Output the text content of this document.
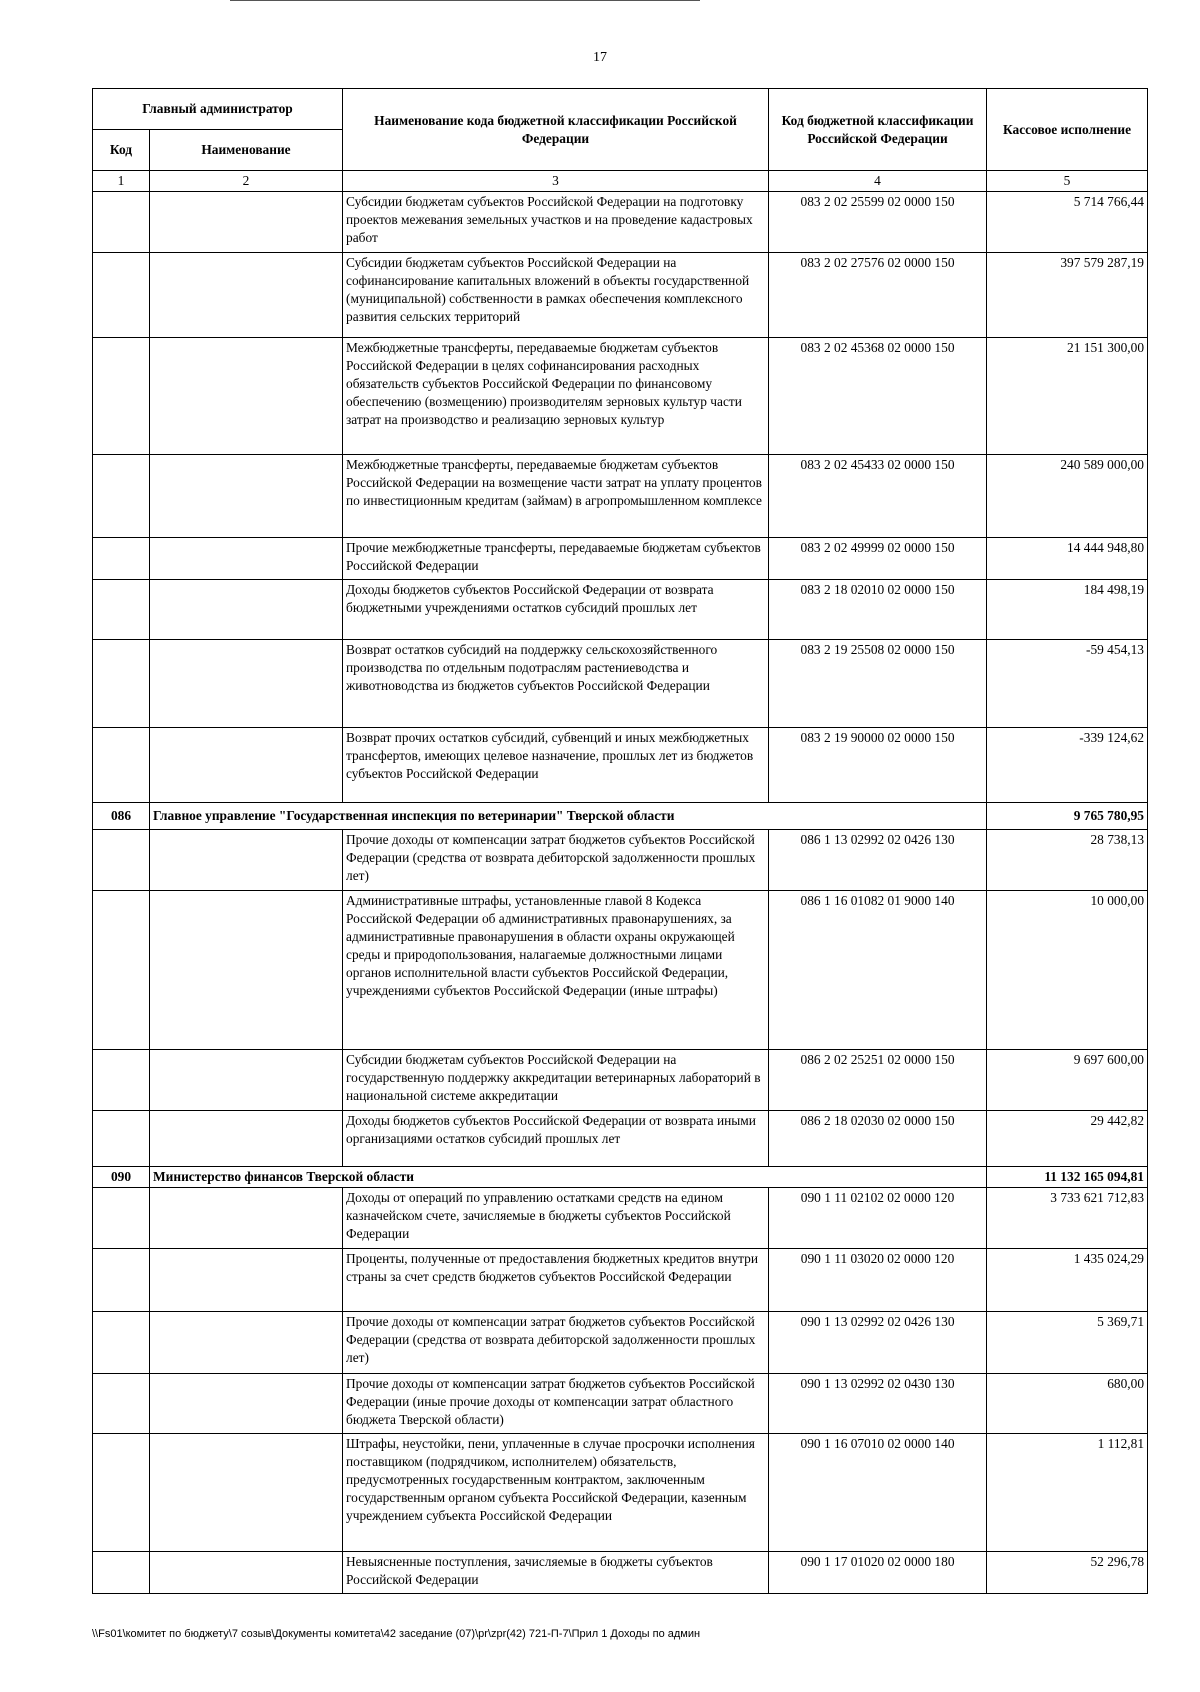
17
Главный администратор		Наименование кода бюджетной классификации Российской Федерации	Код бюджетной классификации Российской Федерации	Кассовое исполнение
Код	Наименование			
1	2	3	4	5
		Субсидии бюджетам субъектов Российской Федерации на подготовку проектов межевания земельных участков и на проведение кадастровых работ	083 2 02 25599 02 0000 150	5 714 766,44
		Субсидии бюджетам субъектов Российской Федерации на софинансирование капитальных вложений в объекты государственной (муниципальной) собственности в рамках обеспечения комплексного развития сельских территорий	083 2 02 27576 02 0000 150	397 579 287,19
		Межбюджетные трансферты, передаваемые бюджетам субъектов Российской Федерации в целях софинансирования расходных обязательств субъектов Российской Федерации по финансовому обеспечению (возмещению) производителям зерновых культур части затрат на производство и реализацию зерновых культур	083 2 02 45368 02 0000 150	21 151 300,00
		Межбюджетные трансферты, передаваемые бюджетам субъектов Российской Федерации на возмещение части затрат на уплату процентов по инвестиционным кредитам (займам) в агропромышленном комплексе	083 2 02 45433 02 0000 150	240 589 000,00
		Прочие межбюджетные трансферты, передаваемые бюджетам субъектов Российской Федерации	083 2 02 49999 02 0000 150	14 444 948,80
		Доходы бюджетов субъектов Российской Федерации от возврата бюджетными учреждениями остатков субсидий прошлых лет	083 2 18 02010 02 0000 150	184 498,19
		Возврат остатков субсидий на поддержку сельскохозяйственного производства по отдельным подотраслям растениеводства и животноводства из бюджетов субъектов Российской Федерации	083 2 19 25508 02 0000 150	-59 454,13
		Возврат прочих остатков субсидий, субвенций и иных межбюджетных трансфертов, имеющих целевое назначение, прошлых лет из бюджетов субъектов Российской Федерации	083 2 19 90000 02 0000 150	-339 124,62
086	Главное управление "Государственная инспекция по ветеринарии" Тверской области			9 765 780,95
		Прочие доходы от компенсации затрат бюджетов субъектов Российской Федерации (средства от возврата дебиторской задолженности прошлых лет)	086 1 13 02992 02 0426 130	28 738,13
		Административные штрафы, установленные главой 8 Кодекса Российской Федерации об административных правонарушениях, за административные правонарушения в области охраны окружающей среды и природопользования, налагаемые должностными лицами органов исполнительной власти субъектов Российской Федерации, учреждениями субъектов Российской Федерации (иные штрафы)	086 1 16 01082 01 9000 140	10 000,00
		Субсидии бюджетам субъектов Российской Федерации на государственную поддержку аккредитации ветеринарных лабораторий в национальной системе аккредитации	086 2 02 25251 02 0000 150	9 697 600,00
		Доходы бюджетов субъектов Российской Федерации от возврата иными организациями остатков субсидий прошлых лет	086 2 18 02030 02 0000 150	29 442,82
090	Министерство финансов Тверской области			11 132 165 094,81
		Доходы от операций по управлению остатками средств на едином казначейском счете, зачисляемые в бюджеты субъектов Российской Федерации	090 1 11 02102 02 0000 120	3 733 621 712,83
		Проценты, полученные от предоставления бюджетных кредитов внутри страны за счет средств бюджетов субъектов Российской Федерации	090 1 11 03020 02 0000 120	1 435 024,29
		Прочие доходы от компенсации затрат бюджетов субъектов Российской Федерации (средства от возврата дебиторской задолженности прошлых лет)	090 1 13 02992 02 0426 130	5 369,71
		Прочие доходы от компенсации затрат бюджетов субъектов Российской Федерации (иные прочие доходы от компенсации затрат областного бюджета Тверской области)	090 1 13 02992 02 0430 130	680,00
		Штрафы, неустойки, пени, уплаченные в случае просрочки исполнения поставщиком (подрядчиком, исполнителем) обязательств, предусмотренных государственным контрактом, заключенным государственным органом субъекта Российской Федерации, казенным учреждением субъекта Российской Федерации	090 1 16 07010 02 0000 140	1 112,81
		Невыясненные поступления, зачисляемые в бюджеты субъектов Российской Федерации	090 1 17 01020 02 0000 180	52 296,78
\\Fs01\комитет по бюджету\7 созыв\Документы комитета\42 заседание (07)\pr\zpr(42) 721-П-7\Прил 1 Доходы по админ
